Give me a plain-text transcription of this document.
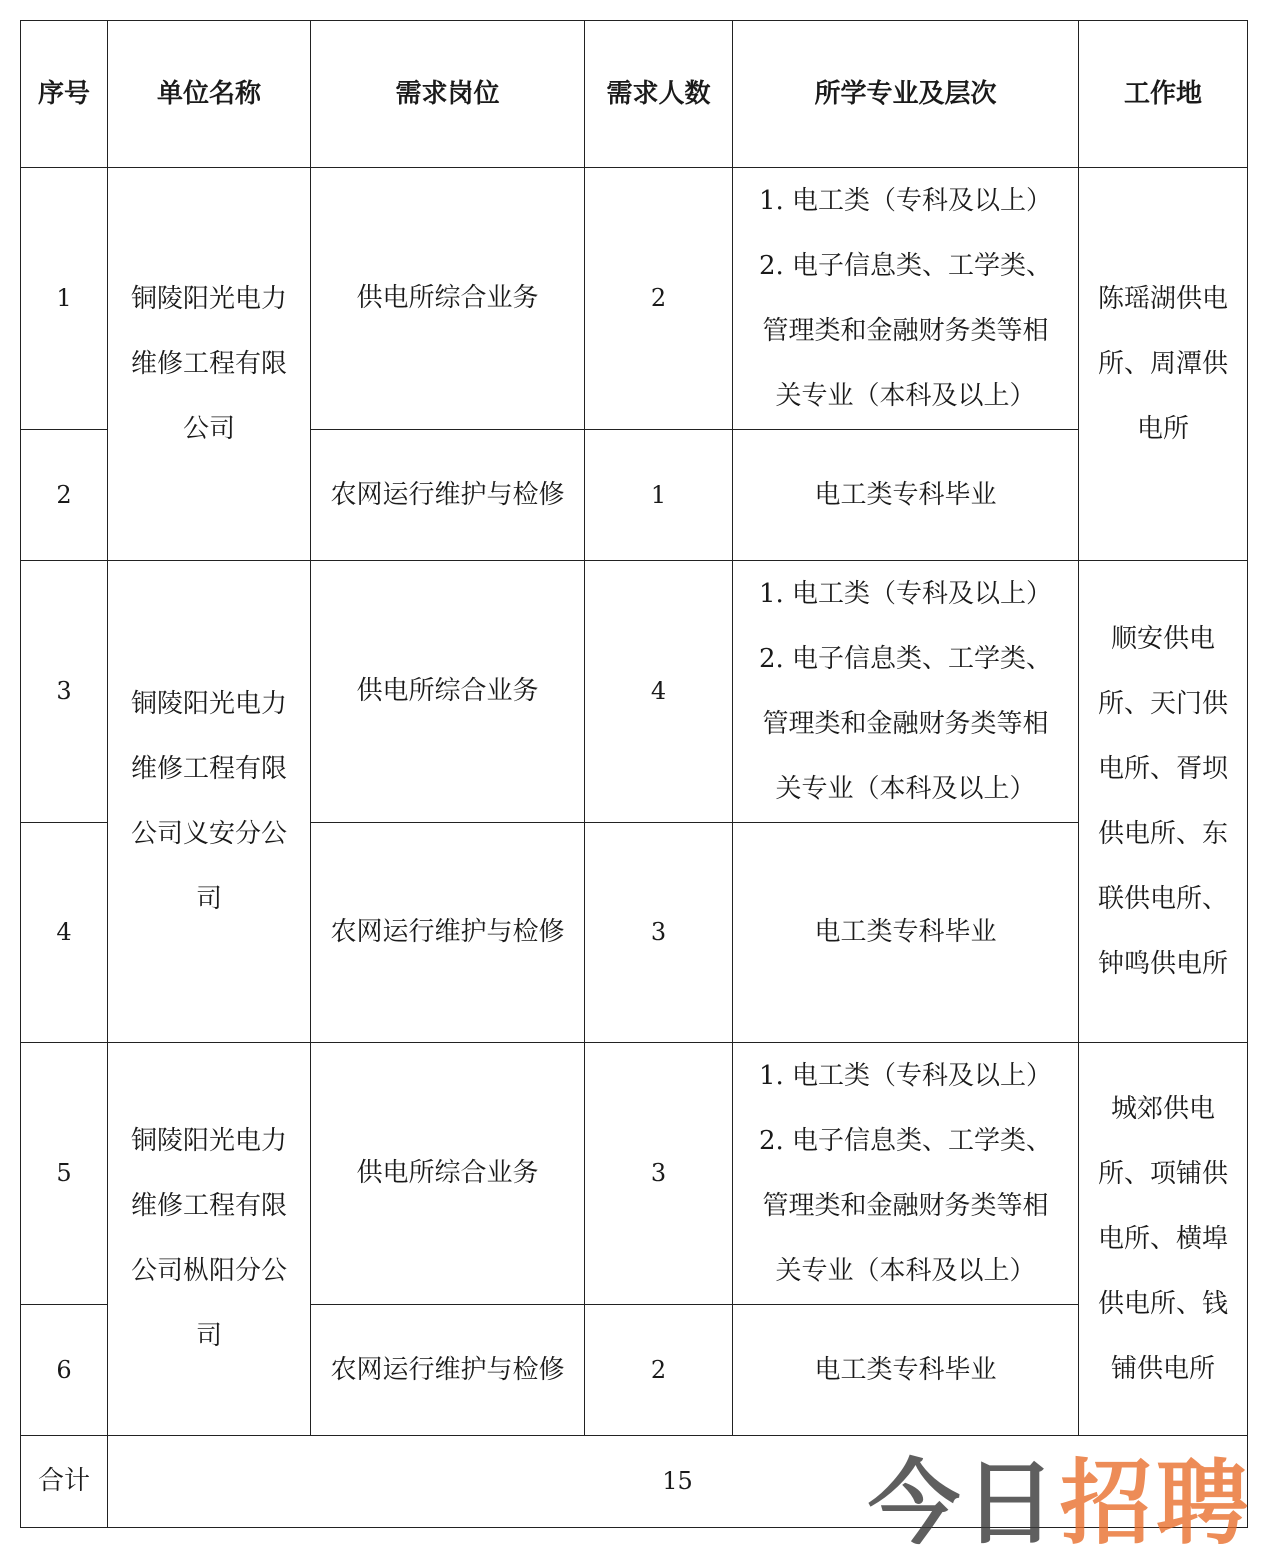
序号	单位名称	需求岗位	需求人数	所学专业及层次	工作地
1	铜陵阳光电力维修工程有限公司	供电所综合业务	2	1. 电工类（专科及以上）
2. 电子信息类、工学类、
管理类和金融财务类等相
关专业（本科及以上）	陈瑶湖供电所、周潭供电所
2		农网运行维护与检修	1	电工类专科毕业	
3	铜陵阳光电力维修工程有限公司义安分公司	供电所综合业务	4	1. 电工类（专科及以上）
2. 电子信息类、工学类、
管理类和金融财务类等相
关专业（本科及以上）	顺安供电所、天门供电所、胥坝供电所、东联供电所、钟鸣供电所
4		农网运行维护与检修	3	电工类专科毕业	
5	铜陵阳光电力维修工程有限公司枞阳分公司	供电所综合业务	3	1. 电工类（专科及以上）
2. 电子信息类、工学类、
管理类和金融财务类等相
关专业（本科及以上）	城郊供电所、项铺供电所、横埠供电所、钱铺供电所
6		农网运行维护与检修	2	电工类专科毕业	
合计	15				今日招聘
